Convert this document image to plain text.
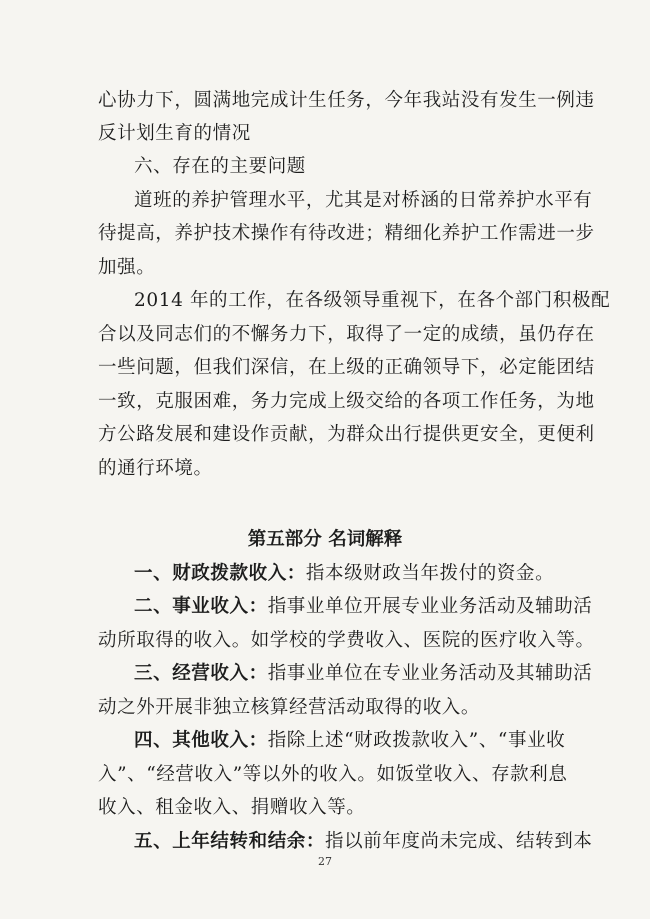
心协力下，圆满地完成计生任务，今年我站没有发生一例违
反计划生育的情况
六、存在的主要问题
道班的养护管理水平，尤其是对桥涵的日常养护水平有
待提高，养护技术操作有待改进；精细化养护工作需进一步
加强。
2014 年的工作，在各级领导重视下，在各个部门积极配
合以及同志们的不懈务力下，取得了一定的成绩，虽仍存在
一些问题，但我们深信，在上级的正确领导下，必定能团结
一致，克服困难，务力完成上级交给的各项工作任务，为地
方公路发展和建设作贡献，为群众出行提供更安全，更便利
的通行环境。
第五部分 名词解释
一、财政拨款收入：指本级财政当年拨付的资金。
二、事业收入：指事业单位开展专业业务活动及辅助活
动所取得的收入。如学校的学费收入、医院的医疗收入等。
三、经营收入：指事业单位在专业业务活动及其辅助活
动之外开展非独立核算经营活动取得的收入。
四、其他收入：指除上述“财政拨款收入”、“事业收
入”、“经营收入”等以外的收入。如饭堂收入、存款利息
收入、租金收入、捐赠收入等。
五、上年结转和结余：指以前年度尚未完成、结转到本
27
